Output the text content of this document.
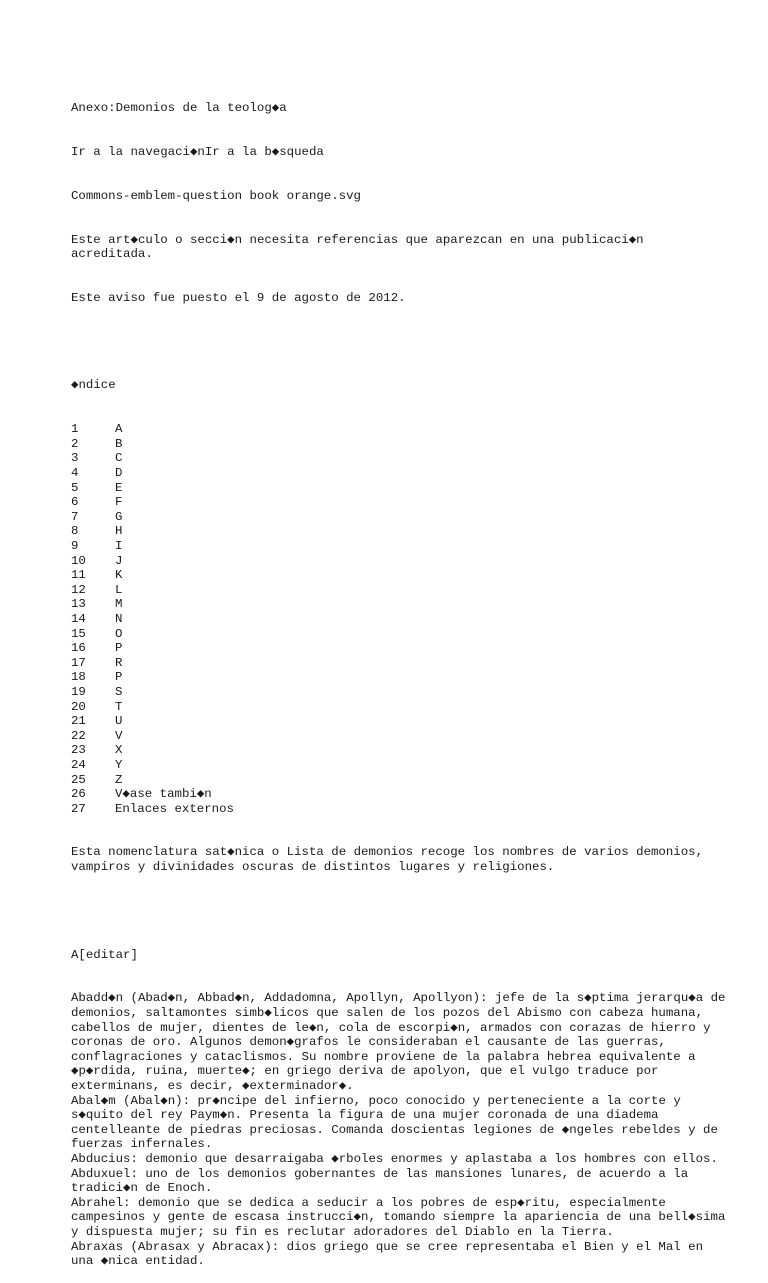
Anexo:Demonios de la teolog◆a

Ir a la navegaci◆nIr a la b◆squeda

Commons-emblem-question book orange.svg

Este art◆culo o secci◆n necesita referencias que aparezcan en una publicaci◆n acreditada.

Este aviso fue puesto el 9 de agosto de 2012.

◆ndice

1	A
2	B
3	C
4	D
5	E
6	F
7	G
8	H
9	I
10 J
11 K
12 L
13 M
14 N
15 O
16 P
17 R
18 P
19 S
20 T
21 U
22 V
23 X
24 Y
25 Z
26 V◆ase tambi◆n
27 Enlaces externos

Esta nomenclatura sat◆nica o Lista de demonios recoge los nombres de varios demonios, vampiros y divinidades oscuras de distintos lugares y religiones.

A[editar]

Abadd◆n (Abad◆n, Abbad◆n, Addadomna, Apollyn, Apollyon): jefe de la s◆ptima jerarqu◆a de demonios, saltamontes simb◆licos que salen de los pozos del Abismo con cabeza humana, cabellos de mujer, dientes de le◆n, cola de escorpi◆n, armados con corazas de hierro y coronas de oro. Algunos demon◆grafos le consideraban el causante de las guerras, conflagraciones y cataclismos. Su nombre proviene de la palabra hebrea equivalente a ◆p◆rdida, ruina, muerte◆; en griego deriva de apolyon, que el vulgo traduce por exterminans, es decir, ◆exterminador◆.
Abal◆m (Abal◆n): pr◆ncipe del infierno, poco conocido y perteneciente a la corte y s◆quito del rey Paym◆n. Presenta la figura de una mujer coronada de una diadema centelleante de piedras preciosas. Comanda doscientas legiones de ◆ngeles rebeldes y de fuerzas infernales.
Abducius: demonio que desarraigaba ◆rboles enormes y aplastaba a los hombres con ellos.
Abduxuel: uno de los demonios gobernantes de las mansiones lunares, de acuerdo a la tradici◆n de Enoch.
Abrahel: demonio que se dedica a seducir a los pobres de esp◆ritu, especialmente campesinos y gente de escasa instrucci◆n, tomando siempre la apariencia de una bell◆sima y dispuesta mujer; su fin es reclutar adoradores del Diablo en la Tierra.
Abraxas (Abrasax y Abracax): dios griego que se cree representaba el Bien y el Mal en una ◆nica entidad.
